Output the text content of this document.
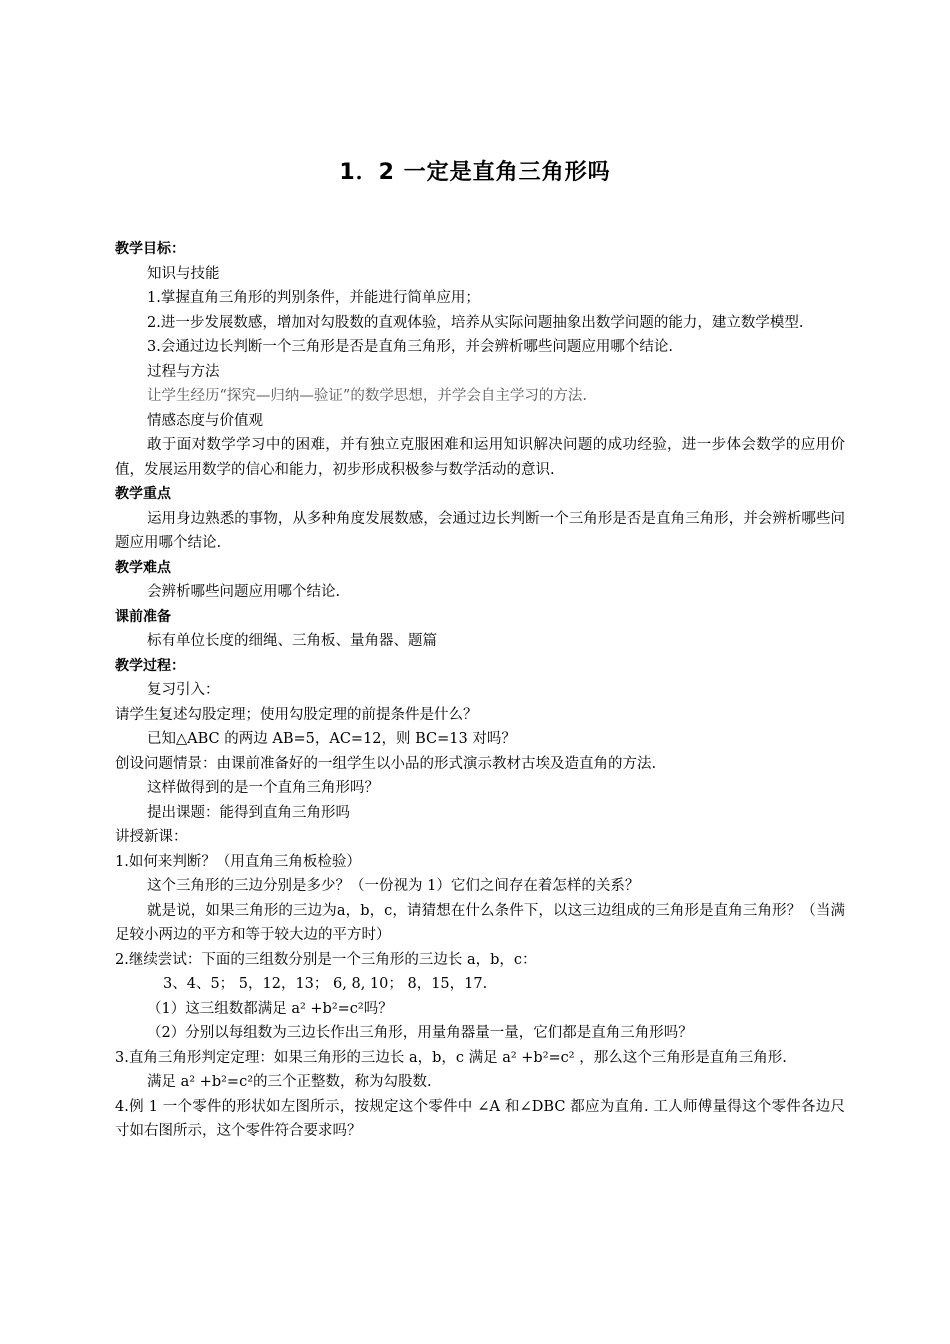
1．2 一定是直角三角形吗

教学目标：

知识与技能

1.掌握直角三角形的判别条件，并能进行简单应用；

2.进一步发展数感，增加对勾股数的直观体验，培养从实际问题抽象出数学问题的能力，建立数学模型.

3.会通过边长判断一个三角形是否是直角三角形，并会辨析哪些问题应用哪个结论.

过程与方法

让学生经历“探究—归纳—验证”的数学思想，并学会自主学习的方法.

情感态度与价值观

敢于面对数学学习中的困难，并有独立克服困难和运用知识解决问题的成功经验，进一步体会数学的应用价值，发展运用数学的信心和能力，初步形成积极参与数学活动的意识.

教学重点

运用身边熟悉的事物，从多种角度发展数感，会通过边长判断一个三角形是否是直角三角形，并会辨析哪些问题应用哪个结论.

教学难点

会辨析哪些问题应用哪个结论.

课前准备

标有单位长度的细绳、三角板、量角器、题篇

教学过程：

复习引入：

请学生复述勾股定理；使用勾股定理的前提条件是什么？

已知△ABC 的两边 AB=5，AC=12，则 BC=13 对吗？

创设问题情景：由课前准备好的一组学生以小品的形式演示教材古埃及造直角的方法.

这样做得到的是一个直角三角形吗？

提出课题：能得到直角三角形吗

讲授新课：

1.如何来判断？（用直角三角板检验）

这个三角形的三边分别是多少？（一份视为 1）它们之间存在着怎样的关系？

就是说，如果三角形的三边为a，b，c，请猜想在什么条件下，以这三边组成的三角形是直角三角形？（当满足较小两边的平方和等于较大边的平方时）

2.继续尝试：下面的三组数分别是一个三角形的三边长 a，b，c：

3、4、5； 5，12，13； 6, 8, 10； 8，15，17.

（1）这三组数都满足 a² +b²=c²吗？

（2）分别以每组数为三边长作出三角形，用量角器量一量，它们都是直角三角形吗？

3.直角三角形判定定理：如果三角形的三边长 a，b，c 满足 a² +b²=c² ，那么这个三角形是直角三角形.

满足 a² +b²=c²的三个正整数，称为勾股数.

4.例 1 一个零件的形状如左图所示，按规定这个零件中 ∠A 和∠DBC 都应为直角. 工人师傅量得这个零件各边尺寸如右图所示，这个零件符合要求吗？
